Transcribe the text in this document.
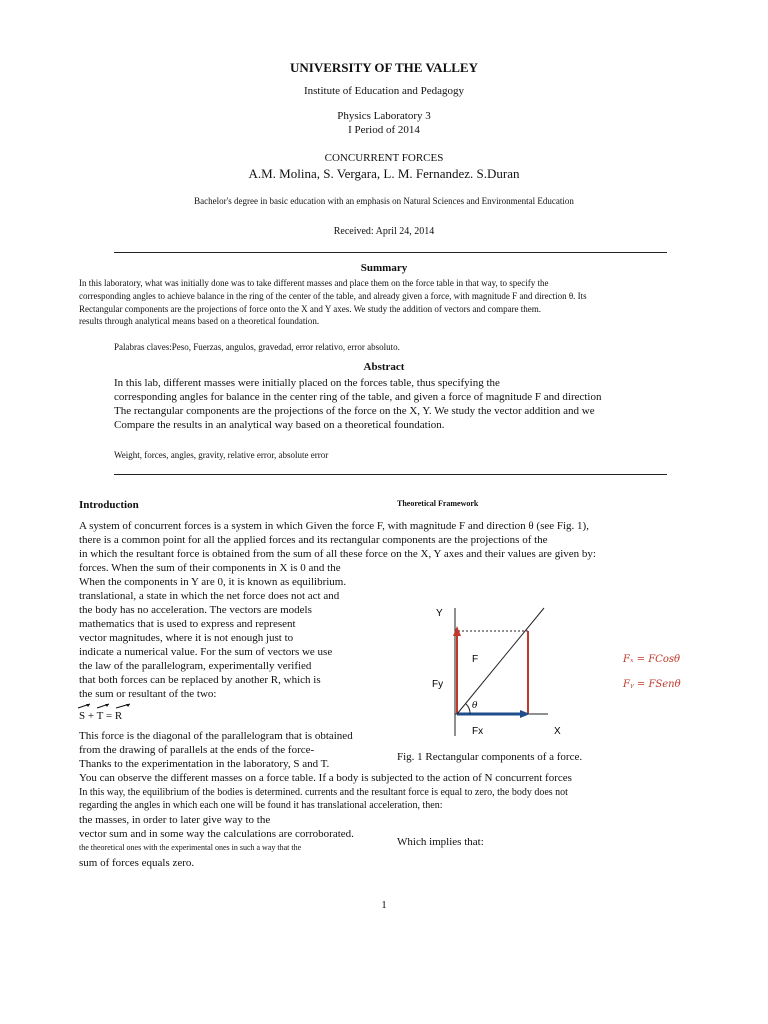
UNIVERSITY OF THE VALLEY
Institute of Education and Pedagogy
Physics Laboratory 3
I Period of 2014
CONCURRENT FORCES
A.M. Molina, S. Vergara, L. M. Fernandez. S.Duran
Bachelor's degree in basic education with an emphasis on Natural Sciences and Environmental Education
Received: April 24, 2014
Summary
In this laboratory, what was initially done was to take different masses and place them on the force table in that way, to specify the
corresponding angles to achieve balance in the ring of the center of the table, and already given a force, with magnitude F and direction θ. Its
Rectangular components are the projections of force onto the X and Y axes. We study the addition of vectors and compare them.
results through analytical means based on a theoretical foundation.
Palabras claves:Peso, Fuerzas, angulos, gravedad, error relativo, error absoluto.
Abstract
In this lab, different masses were initially placed on the forces table, thus specifying the
corresponding angles for balance in the center ring of the table, and given a force of magnitude F and direction
The rectangular components are the projections of the force on the X, Y. We study the vector addition and we
Compare the results in an analytical way based on a theoretical foundation.
Weight, forces, angles, gravity, relative error, absolute error
Introduction	Theoretical Framework
A system of concurrent forces is a system in which Given the force F, with magnitude F and direction θ (see Fig. 1),
there is a common point for all the applied forces and its rectangular components are the projections of the
in which the resultant force is obtained from the sum of all these force on the X, Y axes and their values are given by:
forces. When the sum of their components in X is 0 and the
When the components in Y are 0, it is known as equilibrium.
translational, a state in which the net force does not act and
the body has no acceleration. The vectors are models
mathematics that is used to express and represent
vector magnitudes, where it is not enough just to
indicate a numerical value. For the sum of vectors we use
the law of the parallelogram, experimentally verified
that both forces can be replaced by another R, which is
the sum or resultant of the two:
S + T = R
This force is the diagonal of the parallelogram that is obtained
from the drawing of parallels at the ends of the force-
Thanks to the experimentation in the laboratory, S and T.
Y
X
F
Fy
Fx
θ
Fₓ = FCosθ
Fᵧ = FSenθ
Fig. 1 Rectangular components of a force.
You can observe the different masses on a force table. If a body is subjected to the action of N concurrent forces
In this way, the equilibrium of the bodies is determined. currents and the resultant force is equal to zero, the body does not
regarding the angles in which each one will be found it has translational acceleration, then:
the masses, in order to later give way to the
vector sum and in some way the calculations are corroborated.
the theoretical ones with the experimental ones in such a way that the
sum of forces equals zero.
Which implies that:
1
